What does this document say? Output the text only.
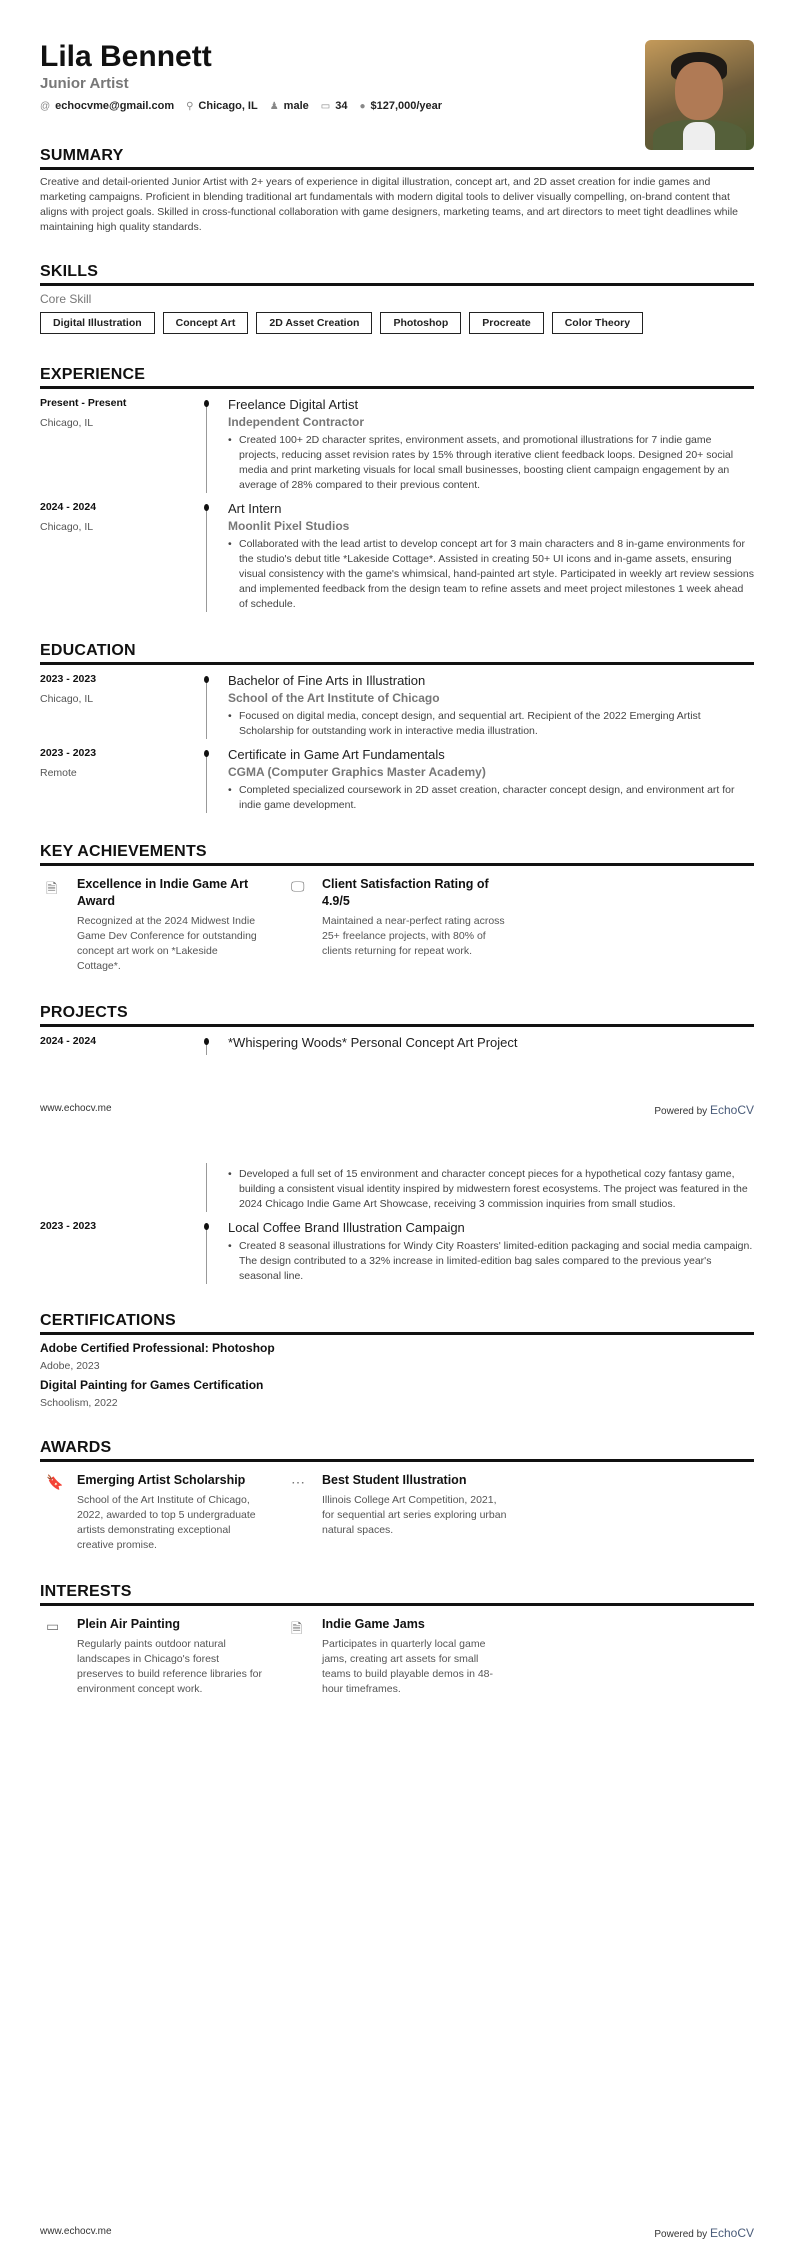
Lila Bennett
Junior Artist
@ echocvme@gmail.com ⚲ Chicago, IL ♟ male ▭ 34 ● $127,000/year
SUMMARY

Creative and detail-oriented Junior Artist with 2+ years of experience in digital illustration, concept art, and 2D asset creation for indie games and marketing campaigns. Proficient in blending traditional art fundamentals with modern digital tools to deliver visually compelling, on-brand content that aligns with project goals. Skilled in cross-functional collaboration with game designers, marketing teams, and art directors to meet tight deadlines while maintaining high quality standards.

SKILLS
Core Skill
Digital Illustration	Concept Art	2D Asset Creation	Photoshop	Procreate	Color Theory
EXPERIENCE
Present - Present
Chicago, IL
Freelance Digital Artist
Independent Contractor
• Created 100+ 2D character sprites, environment assets, and promotional illustrations for 7 indie game projects, reducing asset revision rates by 15% through iterative client feedback loops. Designed 20+ social media and print marketing visuals for local small businesses, boosting client campaign engagement by an average of 28% compared to their previous content.
2024 - 2024
Chicago, IL
Art Intern
Moonlit Pixel Studios
• Collaborated with the lead artist to develop concept art for 3 main characters and 8 in-game environments for the studio's debut title *Lakeside Cottage*. Assisted in creating 50+ UI icons and in-game assets, ensuring visual consistency with the game's whimsical, hand-painted art style. Participated in weekly art review sessions and implemented feedback from the design team to refine assets and meet project milestones 1 week ahead of schedule.
EDUCATION
2023 - 2023
Chicago, IL
Bachelor of Fine Arts in Illustration
School of the Art Institute of Chicago
• Focused on digital media, concept design, and sequential art. Recipient of the 2022 Emerging Artist Scholarship for outstanding work in interactive media illustration.
2023 - 2023
Remote
Certificate in Game Art Fundamentals
CGMA (Computer Graphics Master Academy)
• Completed specialized coursework in 2D asset creation, character concept design, and environment art for indie game development.
KEY ACHIEVEMENTS
🗎	Excellence in Indie Game Art Award
Recognized at the 2024 Midwest Indie Game Dev Conference for outstanding concept art work on *Lakeside Cottage*.
🖵	Client Satisfaction Rating of 4.9/5
Maintained a near-perfect rating across 25+ freelance projects, with 80% of clients returning for repeat work.
PROJECTS
2024 - 2024	*Whispering Woods* Personal Concept Art Project
www.echocv.me	Powered by EchoCV
• Developed a full set of 15 environment and character concept pieces for a hypothetical cozy fantasy game, building a consistent visual identity inspired by midwestern forest ecosystems. The project was featured in the 2024 Chicago Indie Game Art Showcase, receiving 3 commission inquiries from small studios.
2023 - 2023	Local Coffee Brand Illustration Campaign
• Created 8 seasonal illustrations for Windy City Roasters' limited-edition packaging and social media campaign. The design contributed to a 32% increase in limited-edition bag sales compared to the previous year's seasonal line.
CERTIFICATIONS
Adobe Certified Professional: Photoshop
Adobe, 2023
Digital Painting for Games Certification
Schoolism, 2022
AWARDS
🔖	Emerging Artist Scholarship
School of the Art Institute of Chicago, 2022, awarded to top 5 undergraduate artists demonstrating exceptional creative promise.
⋯	Best Student Illustration
Illinois College Art Competition, 2021, for sequential art series exploring urban natural spaces.
INTERESTS
▭	Plein Air Painting
Regularly paints outdoor natural landscapes in Chicago's forest preserves to build reference libraries for environment concept work.
🗎	Indie Game Jams
Participates in quarterly local game jams, creating art assets for small teams to build playable demos in 48-hour timeframes.
www.echocv.me	Powered by EchoCV
